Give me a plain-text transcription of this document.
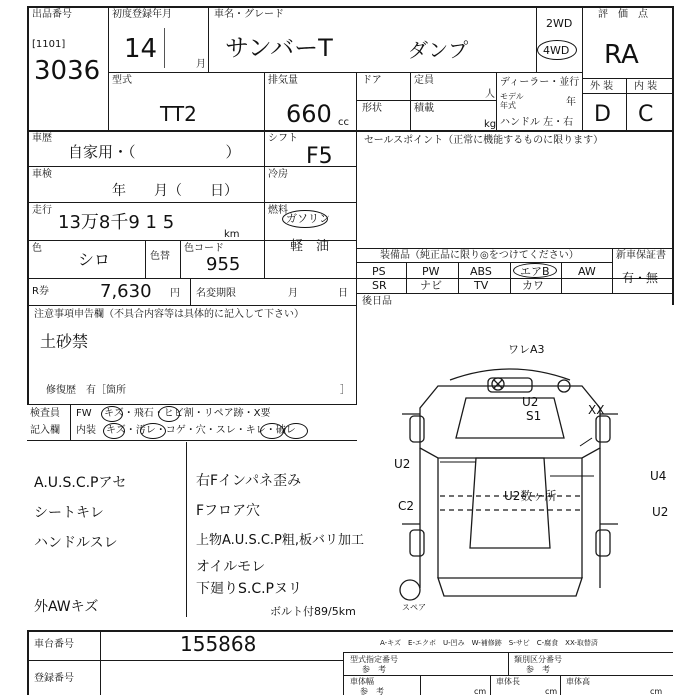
出品番号
[1101]
3036
初度登録年月
14
月
車名・グレード
サンバーT	ダンプ
2WD
4WD
評　価　点
RA
型式
TT2
排気量
660 cc
ドア	定員
人
形状	積載
kg
ディーラー・並行
モデル
年式	年
ハンドル 左・右
外 装 内 装
D C
車歴
自家用・（　　　　　　）
シフト
F5
車検
年　　月（　　日）
冷房
走行
13万8千9 1 5
km
燃料
ガソリン
軽　油
色
シロ	色替
色コード
955
R券	7,630 円 名変期限	月	日
セールスポイント（正常に機能するものに限ります）
装備品（純正品に限り◎をつけてください）	新車保証書
有・無
PS	PW	ABS	エアB	AW
SR	ナビ	TV	カワ
後日品
注意事項申告欄（不具合内容等は具体的に記入して下さい）
土砂禁
修復歴　有［箇所	］
検査員
記入欄
FW キズ・飛石・ヒビ割・リペア跡・X要
内装 キズ・汚レ・コゲ・穴・スレ・キレ・破レ
A.U.S.C.Pアセ
シートキレ
ハンドルスレ
外AWキズ
右Fインパネ歪み
Fフロア穴
上物A.U.S.C.P粗,板バリ加工
オイルモレ
下廻りS.C.Pヌリ
ボルト付89/5km
ワレA3
U2
S1	XX
U2
U4
C2	U2
U2数ヶ所
スペア
車台番号	155868
登録番号
A-キズ　E-エクボ　U-凹み　W-補修跡　S-サビ　C-腐食　XX-取替済
型式指定番号
参　考
類別区分番号
参　考
車体幅
参　考	cm
車体長
cm
車体高
cm
